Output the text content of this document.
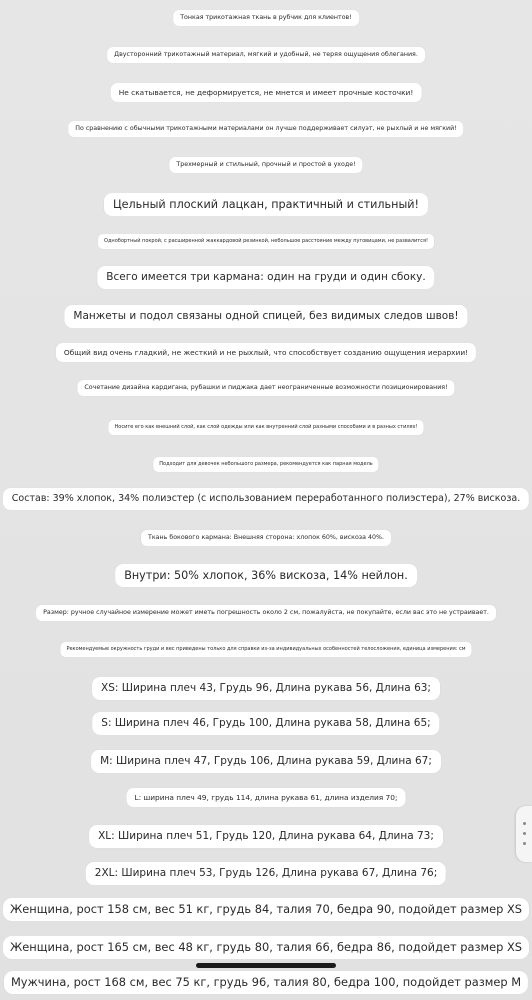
Тонкая трикотажная ткань в рубчик для клиентов!
Двусторонний трикотажный материал, мягкий и удобный, не теряя ощущения облегания.
Не скатывается, не деформируется, не мнется и имеет прочные косточки!
По сравнению с обычными трикотажными материалами он лучше поддерживает силуэт, не рыхлый и не мягкий!
Трехмерный и стильный, прочный и простой в уходе!
Цельный плоский лацкан, практичный и стильный!
Однобортный покрой, с расширенной жаккардовой резинкой, небольшое расстояние между пуговицами, не развалится!
Всего имеется три кармана: один на груди и один сбоку.
Манжеты и подол связаны одной спицей, без видимых следов швов!
Общий вид очень гладкий, не жесткий и не рыхлый, что способствует созданию ощущения иерархии!
Сочетание дизайна кардигана, рубашки и пиджака дает неограниченные возможности позиционирования!
Носите его как внешний слой, как слой одежды или как внутренний слой разными способами и в разных стилях!
Подходит для девочек небольшого размера, рекомендуется как парная модель
Состав: 39% хлопок, 34% полиэстер (с использованием переработанного полиэстера), 27% вискоза.
Ткань бокового кармана: Внешняя сторона: хлопок 60%, вискоза 40%.
Внутри: 50% хлопок, 36% вискоза, 14% нейлон.
Размер: ручное случайное измерение может иметь погрешность около 2 см, пожалуйста, не покупайте, если вас это не устраивает.
Рекомендуемые окружность груди и вес приведены только для справки из-за индивидуальных особенностей телосложения, единица измерения: см
XS: Ширина плеч 43, Грудь 96, Длина рукава 56, Длина 63;
S: Ширина плеч 46, Грудь 100, Длина рукава 58, Длина 65;
M: Ширина плеч 47, Грудь 106, Длина рукава 59, Длина 67;
L: ширина плеч 49, грудь 114, длина рукава 61, длина изделия 70;
XL: Ширина плеч 51, Грудь 120, Длина рукава 64, Длина 73;
2XL: Ширина плеч 53, Грудь 126, Длина рукава 67, Длина 76;
Женщина, рост 158 см, вес 51 кг, грудь 84, талия 70, бедра 90, подойдет размер XS
Женщина, рост 165 см, вес 48 кг, грудь 80, талия 66, бедра 86, подойдет размер XS
Мужчина, рост 168 см, вес 75 кг, грудь 96, талия 80, бедра 100, подойдет размер M
